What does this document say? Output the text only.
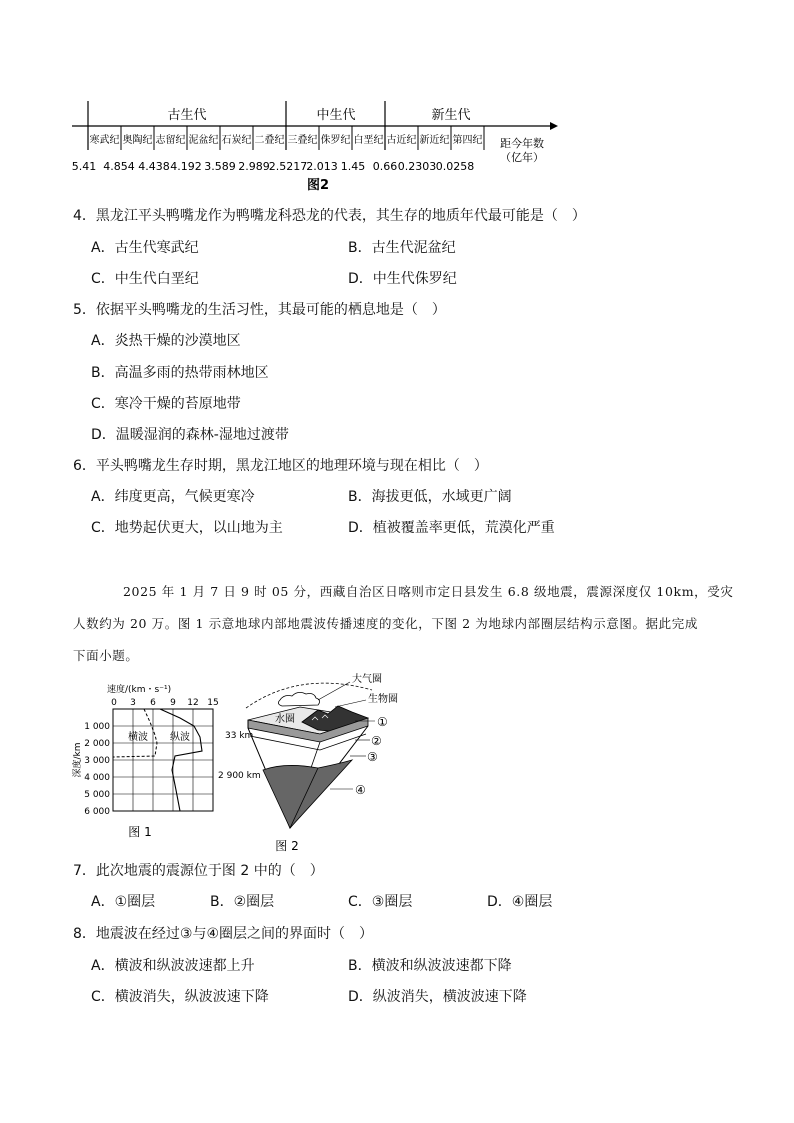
古生代	中生代	新生代
寒武纪 奥陶纪 志留纪 泥盆纪 石炭纪 二叠纪 三叠纪 侏罗纪 白垩纪 古近纪 新近纪 第四纪 距今年数
（亿年）
5.41 4.854 4.438 4.192 3.589 2.989 2.5217 2.013 1.45 0.66 0.2303 0.0258
图2
4．黑龙江平头鸭嘴龙作为鸭嘴龙科恐龙的代表，其生存的地质年代最可能是（　）
A．古生代寒武纪	B．古生代泥盆纪
C．中生代白垩纪	D．中生代侏罗纪
5．依据平头鸭嘴龙的生活习性，其最可能的栖息地是（　）
A．炎热干燥的沙漠地区
B．高温多雨的热带雨林地区
C．寒冷干燥的苔原地带
D．温暖湿润的森林-湿地过渡带
6．平头鸭嘴龙生存时期，黑龙江地区的地理环境与现在相比（　）
A．纬度更高，气候更寒冷	B．海拔更低，水域更广阔
C．地势起伏更大，以山地为主	D．植被覆盖率更低，荒漠化严重
2025 年 1 月 7 日 9 时 05 分，西藏自治区日喀则市定日县发生 6.8 级地震，震源深度仅 10km，受灾
人数约为 20 万。图 1 示意地球内部地震波传播速度的变化，下图 2 为地球内部圈层结构示意图。据此完成
下面小题。
速度/(km・s⁻¹)
0 3 6 9 12 15
1 000
2 000
3 000
4 000
5 000
6 000
深度/km
横波 纵波
图 1
大气圈
生物圈
水圈
33 km
2 900 km
①
②
③
④
图 2
7．此次地震的震源位于图 2 中的（　）
A．①圈层	B．②圈层	C．③圈层	D．④圈层
8．地震波在经过③与④圈层之间的界面时（　）
A．横波和纵波波速都上升	B．横波和纵波波速都下降
C．横波消失，纵波波速下降	D．纵波消失，横波波速下降
